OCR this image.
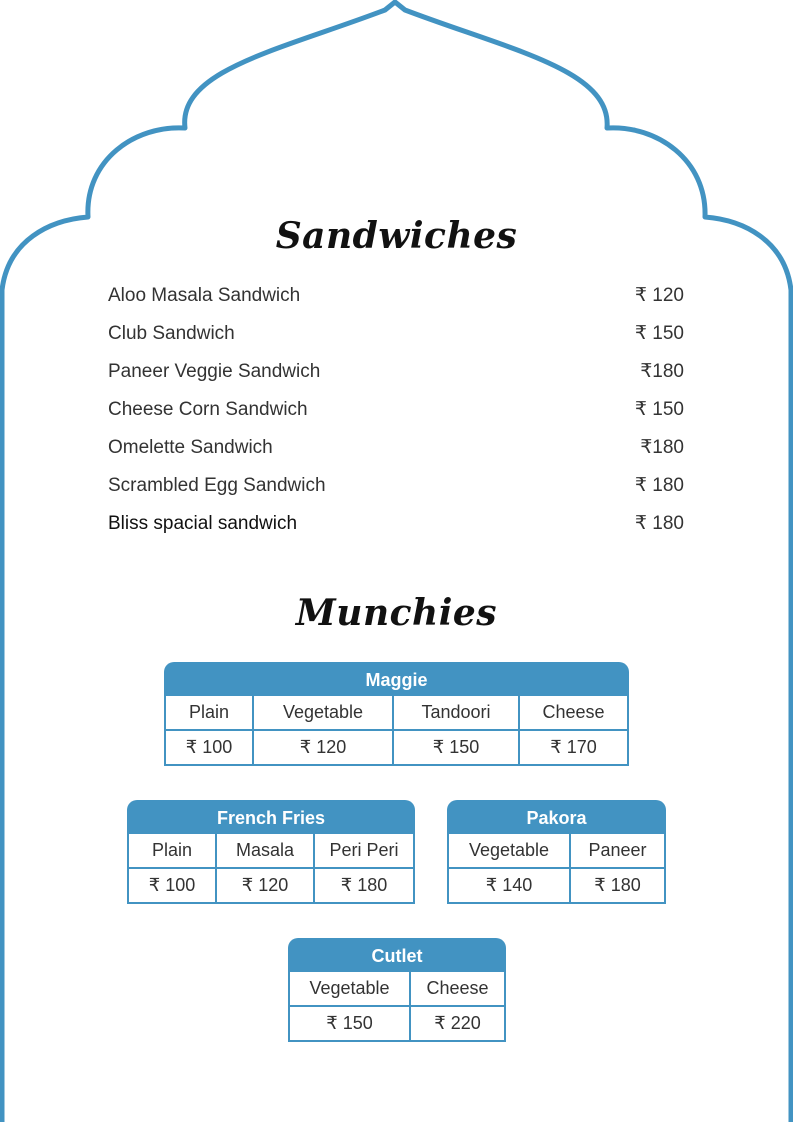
Sandwiches
Aloo Masala Sandwich	₹ 120
Club Sandwich	₹ 150
Paneer Veggie Sandwich	₹180
Cheese Corn Sandwich	₹ 150
Omelette Sandwich	₹180
Scrambled Egg Sandwich	₹ 180
Bliss spacial sandwich	₹ 180
Munchies
Maggie
Plain	Vegetable	Tandoori	Cheese
₹ 100	₹ 120	₹ 150	₹ 170
French Fries
Plain	Masala	Peri Peri
₹ 100	₹ 120	₹ 180
Pakora
Vegetable	Paneer
₹ 140	₹ 180
Cutlet
Vegetable	Cheese
₹ 150	₹ 220
